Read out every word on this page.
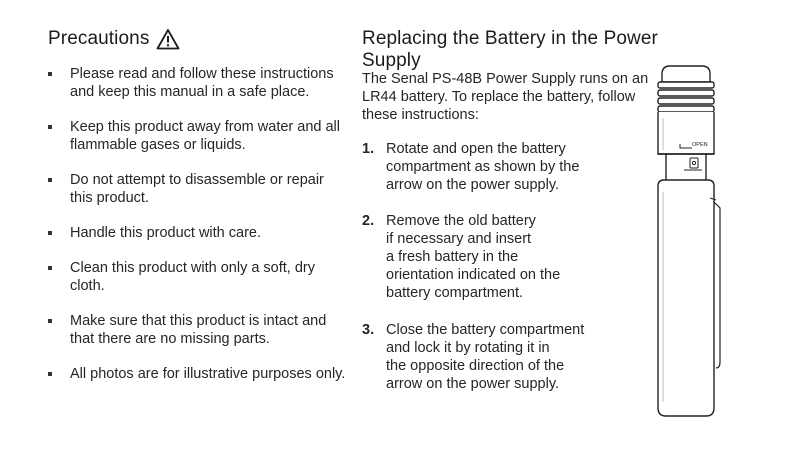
Precautions
Please read and follow these instructions and keep this manual in a safe place.
Keep this product away from water and all flammable gases or liquids.
Do not attempt to disassemble or repair this product.
Handle this product with care.
Clean this product with only a soft, dry cloth.
Make sure that this product is intact and that there are no missing parts.
All photos are for illustrative purposes only.
Replacing the Battery in the Power Supply
The Senal PS-48B Power Supply runs on an LR44 battery. To replace the battery, follow these instructions:
1. Rotate and open the battery
compartment as shown by the
arrow on the power supply.
2. Remove the old battery
if necessary and insert
a fresh battery in the
orientation indicated on the
battery compartment.
3. Close the battery compartment
and lock it by rotating it in
the opposite direction of the
arrow on the power supply.
OPEN
